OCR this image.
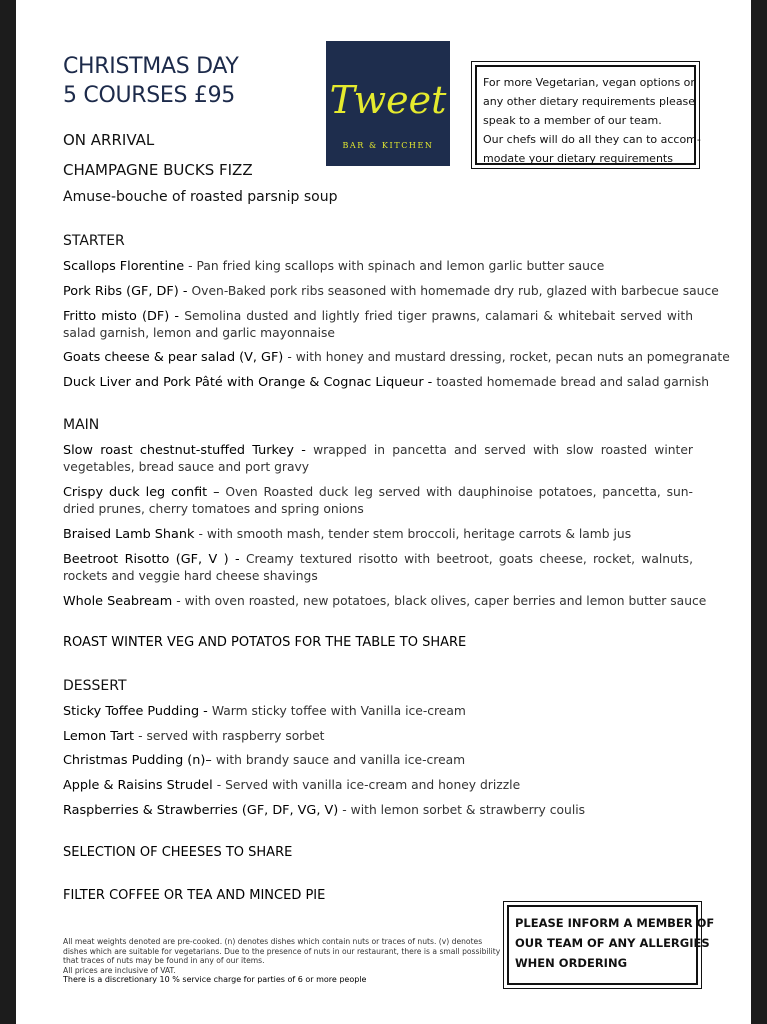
CHRISTMAS DAY
5 COURSES £95 Tweet
BAR & KITCHEN
For more Vegetarian, vegan options or
any other dietary requirements please
speak to a member of our team.
Our chefs will do all they can to accom-
modate your dietary requirements
ON ARRIVAL
CHAMPAGNE BUCKS FIZZ
Amuse-bouche of roasted parsnip soup
STARTER
Scallops Florentine - Pan fried king scallops with spinach and lemon garlic butter sauce
Pork Ribs (GF, DF) - Oven-Baked pork ribs seasoned with homemade dry rub, glazed with barbecue sauce
Fritto misto (DF) - Semolina dusted and lightly fried tiger prawns, calamari & whitebait served with salad garnish, lemon and garlic mayonnaise
Goats cheese & pear salad (V, GF) - with honey and mustard dressing, rocket, pecan nuts an pomegranate
Duck Liver and Pork Pâté with Orange & Cognac Liqueur - toasted homemade bread and salad garnish
MAIN
Slow roast chestnut-stuffed Turkey - wrapped in pancetta and served with slow roasted winter vegetables, bread sauce and port gravy
Crispy duck leg confit – Oven Roasted duck leg served with dauphinoise potatoes, pancetta, sun-dried prunes, cherry tomatoes and spring onions
Braised Lamb Shank - with smooth mash, tender stem broccoli, heritage carrots & lamb jus
Beetroot Risotto (GF, V ) - Creamy textured risotto with beetroot, goats cheese, rocket, walnuts, rockets and veggie hard cheese shavings
Whole Seabream - with oven roasted, new potatoes, black olives, caper berries and lemon butter sauce
ROAST WINTER VEG AND POTATOS FOR THE TABLE TO SHARE
DESSERT
Sticky Toffee Pudding - Warm sticky toffee with Vanilla ice-cream
Lemon Tart - served with raspberry sorbet
Christmas Pudding (n)– with brandy sauce and vanilla ice-cream
Apple & Raisins Strudel - Served with vanilla ice-cream and honey drizzle
Raspberries & Strawberries (GF, DF, VG, V) - with lemon sorbet & strawberry coulis
SELECTION OF CHEESES TO SHARE
FILTER COFFEE OR TEA AND MINCED PIE
All meat weights denoted are pre-cooked. (n) denotes dishes which contain nuts or traces of nuts. (v) denotes dishes which are suitable for vegetarians. Due to the presence of nuts in our restaurant, there is a small possibility that traces of nuts may be found in any of our items.
All prices are inclusive of VAT.
There is a discretionary 10 % service charge for parties of 6 or more people
PLEASE INFORM A MEMBER OF
OUR TEAM OF ANY ALLERGIES
WHEN ORDERING
